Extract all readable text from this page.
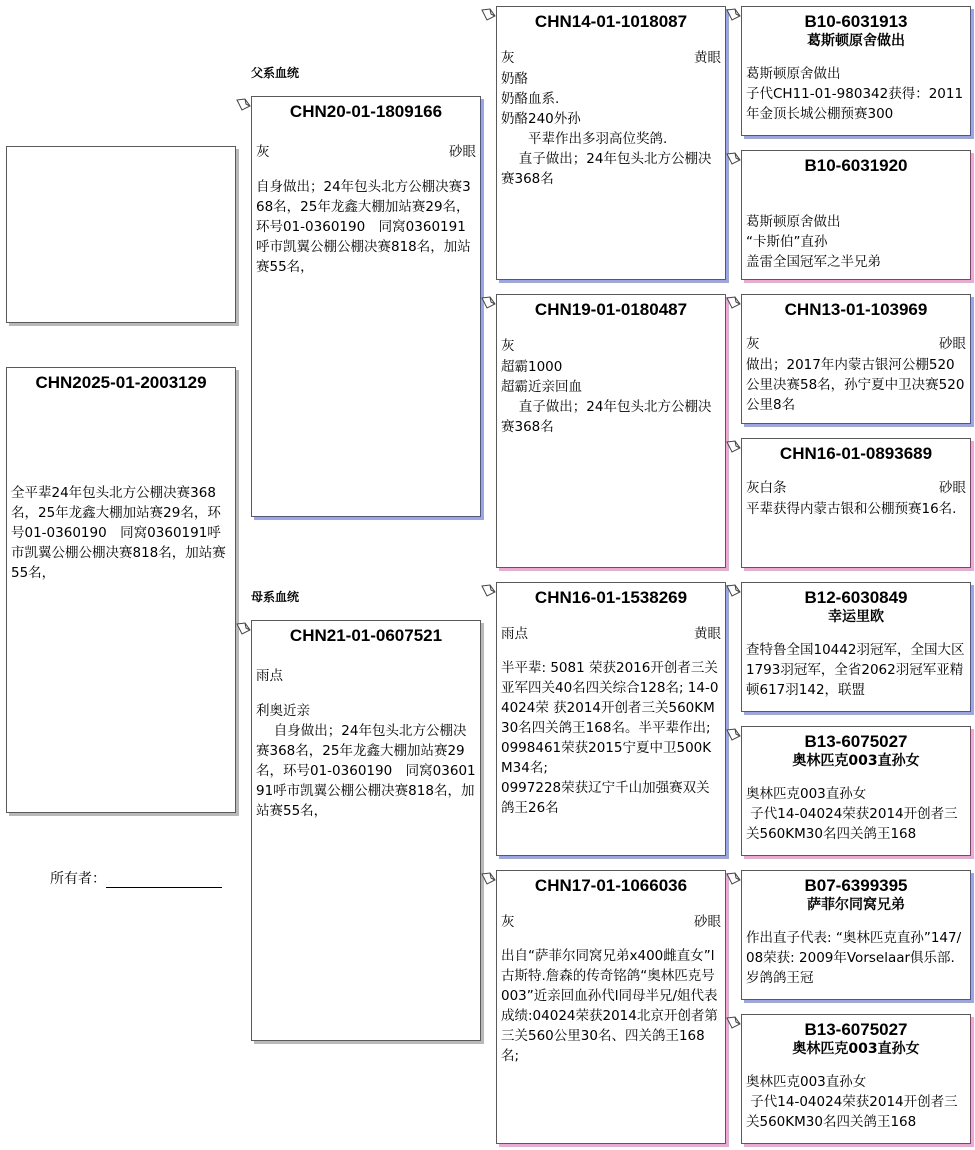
CHN2025-01-2003129
全平辈24年包头北方公棚决赛368名，25年龙鑫大棚加站赛29名，环号01-0360190　同窝0360191呼市凯翼公棚公棚决赛818名，加站赛55名，
所有者：
父系血统
母系血统
CHN20-01-1809166
灰	砂眼
自身做出；24年包头北方公棚决赛368名，25年龙鑫大棚加站赛29名，环号01-0360190　同窝0360191呼市凯翼公棚公棚决赛818名，加站赛55名，
CHN21-01-0607521
雨点
利奥近亲
　 自身做出；24年包头北方公棚决赛368名，25年龙鑫大棚加站赛29名，环号01-0360190　同窝0360191呼市凯翼公棚公棚决赛818名，加站赛55名，
CHN14-01-1018087
灰	黄眼
奶酪
奶酪血系.
奶酪240外孙
　　平辈作出多羽高位奖鸽.
　 直子做出；24年包头北方公棚决赛368名
CHN19-01-0180487
灰
超霸1000
超霸近亲回血
　 直子做出；24年包头北方公棚决赛368名
CHN16-01-1538269
雨点	黄眼
半平辈: 5081 荣获2016开创者三关亚军四关40名四关综合128名; 14-04024荣 获2014开创者三关560KM30名四关鸽王168名。半平辈作出; 0998461荣获2015宁夏中卫500KM34名;
0997228荣获辽宁千山加强赛双关鸽王26名
CHN17-01-1066036
灰	砂眼
出自“萨菲尔同窝兄弟x400雌直女”l古斯特.詹森的传奇铭鸽“奥林匹克号003”近亲回血孙代l同母半兄/姐代表成绩:04024荣获2014北京开创者第三关560公里30名、四关鸽王168名;
B10-6031913
葛斯顿原舍做出
葛斯顿原舍做出
子代CH11-01-980342获得：2011年金顶长城公棚预赛300
B10-6031920
葛斯顿原舍做出
“卡斯伯”直孙
盖雷全国冠军之半兄弟
CHN13-01-103969
灰	砂眼
做出；2017年内蒙古银河公棚520公里决赛58名，孙宁夏中卫决赛520公里8名
CHN16-01-0893689
灰白条	砂眼
平辈获得内蒙古银和公棚预赛16名.
B12-6030849
幸运里欧
查特鲁全国10442羽冠军，全国大区1793羽冠军，全省2062羽冠军亚精顿617羽142，联盟
B13-6075027
奥林匹克003直孙女
奥林匹克003直孙女
子代14-04024荣获2014开创者三关560KM30名四关鸽王168
B07-6399395
萨菲尔同窝兄弟
作出直子代表: “奥林匹克直孙”147/08荣获: 2009年Vorselaar俱乐部. 岁鸽鸽王冠
B13-6075027
奥林匹克003直孙女
奥林匹克003直孙女
子代14-04024荣获2014开创者三关560KM30名四关鸽王168
